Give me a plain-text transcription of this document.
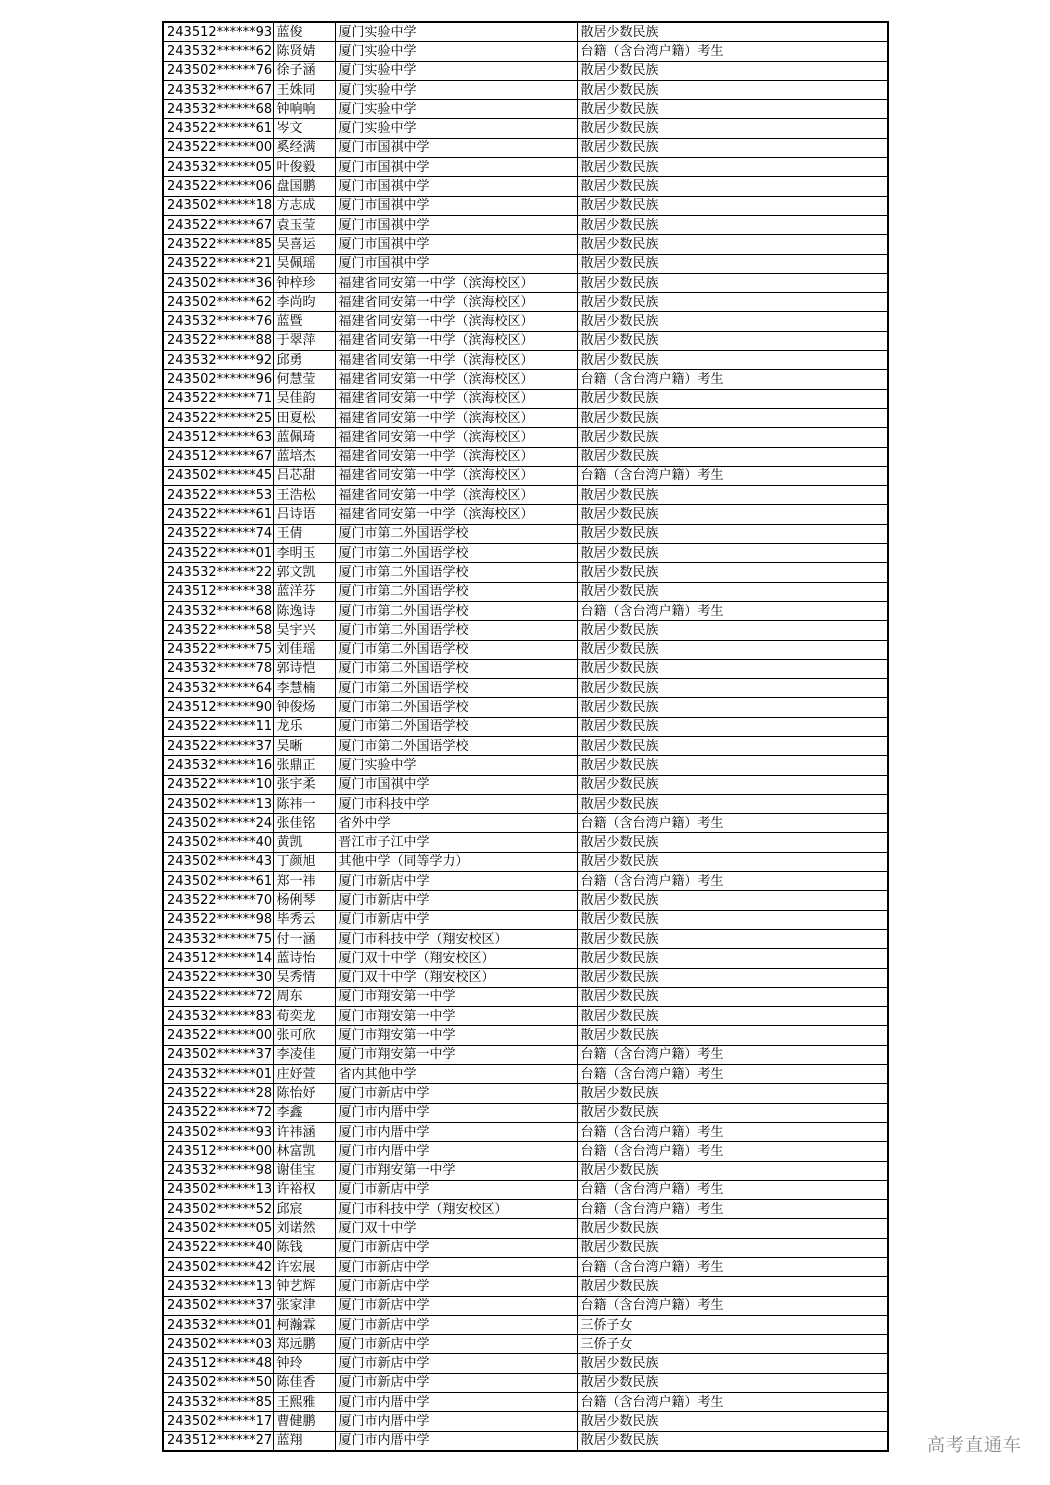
243512******93	蓝俊	厦门实验中学	散居少数民族
243532******62	陈贤婧	厦门实验中学	台籍（含台湾户籍）考生
243502******76	徐子涵	厦门实验中学	散居少数民族
243532******67	王姝同	厦门实验中学	散居少数民族
243532******68	钟响响	厦门实验中学	散居少数民族
243522******61	岑文	厦门实验中学	散居少数民族
243522******00	奚经满	厦门市国祺中学	散居少数民族
243532******05	叶俊毅	厦门市国祺中学	散居少数民族
243522******06	盘国鹏	厦门市国祺中学	散居少数民族
243502******18	方志成	厦门市国祺中学	散居少数民族
243522******67	袁玉莹	厦门市国祺中学	散居少数民族
243522******85	吴喜运	厦门市国祺中学	散居少数民族
243522******21	吴佩瑶	厦门市国祺中学	散居少数民族
243502******36	钟梓珍	福建省同安第一中学（滨海校区）	散居少数民族
243502******62	李尚昀	福建省同安第一中学（滨海校区）	散居少数民族
243532******76	蓝暨	福建省同安第一中学（滨海校区）	散居少数民族
243522******88	于翠萍	福建省同安第一中学（滨海校区）	散居少数民族
243532******92	邱勇	福建省同安第一中学（滨海校区）	散居少数民族
243502******96	何慧莹	福建省同安第一中学（滨海校区）	台籍（含台湾户籍）考生
243522******71	吴佳韵	福建省同安第一中学（滨海校区）	散居少数民族
243522******25	田夏松	福建省同安第一中学（滨海校区）	散居少数民族
243512******63	蓝佩琦	福建省同安第一中学（滨海校区）	散居少数民族
243512******67	蓝培杰	福建省同安第一中学（滨海校区）	散居少数民族
243502******45	吕芯甜	福建省同安第一中学（滨海校区）	台籍（含台湾户籍）考生
243522******53	王浩松	福建省同安第一中学（滨海校区）	散居少数民族
243522******61	吕诗语	福建省同安第一中学（滨海校区）	散居少数民族
243522******74	王倩	厦门市第二外国语学校	散居少数民族
243522******01	李明玉	厦门市第二外国语学校	散居少数民族
243532******22	郭文凯	厦门市第二外国语学校	散居少数民族
243512******38	蓝洋芬	厦门市第二外国语学校	散居少数民族
243532******68	陈逸诗	厦门市第二外国语学校	台籍（含台湾户籍）考生
243522******58	吴宇兴	厦门市第二外国语学校	散居少数民族
243522******75	刘佳瑶	厦门市第二外国语学校	散居少数民族
243532******78	郭诗恺	厦门市第二外国语学校	散居少数民族
243532******64	李慧楠	厦门市第二外国语学校	散居少数民族
243512******90	钟俊炀	厦门市第二外国语学校	散居少数民族
243522******11	龙乐	厦门市第二外国语学校	散居少数民族
243522******37	吴晰	厦门市第二外国语学校	散居少数民族
243532******16	张鼎正	厦门实验中学	散居少数民族
243522******10	张宇柔	厦门市国祺中学	散居少数民族
243502******13	陈祎一	厦门市科技中学	散居少数民族
243502******24	张佳铭	省外中学	台籍（含台湾户籍）考生
243502******40	黄凯	晋江市子江中学	散居少数民族
243502******43	丁颜旭	其他中学（同等学力）	散居少数民族
243502******61	郑一祎	厦门市新店中学	台籍（含台湾户籍）考生
243522******70	杨俐琴	厦门市新店中学	散居少数民族
243522******98	毕秀云	厦门市新店中学	散居少数民族
243532******75	付一涵	厦门市科技中学（翔安校区）	散居少数民族
243512******14	蓝诗怡	厦门双十中学（翔安校区）	散居少数民族
243522******30	吴秀情	厦门双十中学（翔安校区）	散居少数民族
243522******72	周东	厦门市翔安第一中学	散居少数民族
243532******83	荀奕龙	厦门市翔安第一中学	散居少数民族
243522******00	张可欣	厦门市翔安第一中学	散居少数民族
243502******37	李凌佳	厦门市翔安第一中学	台籍（含台湾户籍）考生
243532******01	庄妤萱	省内其他中学	台籍（含台湾户籍）考生
243522******28	陈怡妤	厦门市新店中学	散居少数民族
243522******72	李鑫	厦门市内厝中学	散居少数民族
243502******93	许祎涵	厦门市内厝中学	台籍（含台湾户籍）考生
243512******00	林富凯	厦门市内厝中学	台籍（含台湾户籍）考生
243532******98	谢佳宝	厦门市翔安第一中学	散居少数民族
243502******13	许裕权	厦门市新店中学	台籍（含台湾户籍）考生
243502******52	邱宸	厦门市科技中学（翔安校区）	台籍（含台湾户籍）考生
243502******05	刘诺然	厦门双十中学	散居少数民族
243522******40	陈钱	厦门市新店中学	散居少数民族
243502******42	许宏展	厦门市新店中学	台籍（含台湾户籍）考生
243532******13	钟艺辉	厦门市新店中学	散居少数民族
243502******37	张家津	厦门市新店中学	台籍（含台湾户籍）考生
243532******01	柯瀚霖	厦门市新店中学	三侨子女
243502******03	郑远鹏	厦门市新店中学	三侨子女
243512******48	钟玲	厦门市新店中学	散居少数民族
243502******50	陈佳香	厦门市新店中学	散居少数民族
243532******85	王熙雅	厦门市内厝中学	台籍（含台湾户籍）考生
243502******17	曹健鹏	厦门市内厝中学	散居少数民族
243512******27	蓝翔	厦门市内厝中学	散居少数民族	高考直通车
